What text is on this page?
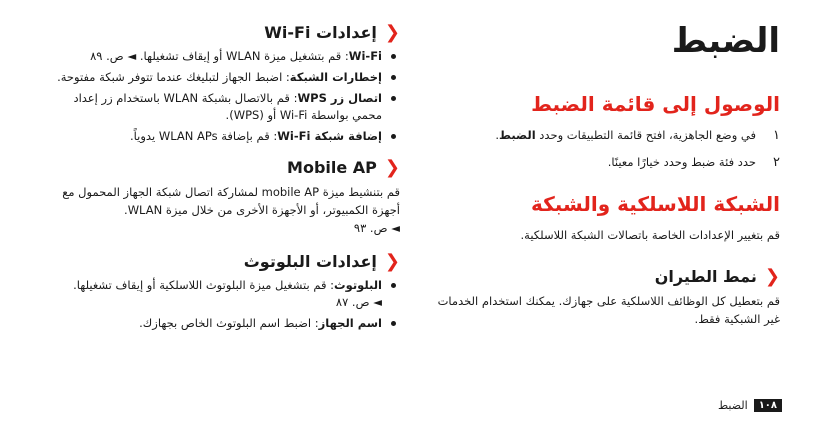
الضبط
الوصول إلى قائمة الضبط
١
في وضع الجاهزية، افتح قائمة التطبيقات وحدد الضبط.
٢
حدد فئة ضبط وحدد خيارًا معينًا.
الشبكة اللاسلكية والشبكة

قم بتغيير الإعدادات الخاصة باتصالات الشبكة اللاسلكية.

❮
نمط الطيران

قم بتعطيل كل الوظائف اللاسلكية على جهازك. يمكنك استخدام الخدمات غير الشبكية فقط.

❮
إعدادات Wi-Fi
Wi-Fi: قم بتشغيل ميزة WLAN أو إيقاف تشغيلها. ◄ ص. ٨٩
إخطارات الشبكة: اضبط الجهاز لتبليغك عندما تتوفر شبكة مفتوحة.
اتصال زر WPS: قم بالاتصال بشبكة WLAN باستخدام زر إعداد محمي بواسطة Wi-Fi أو (WPS).
إضافة شبكة Wi-Fi: قم بإضافة WLAN APs يدوياً.
❮
Mobile AP

قم بتنشيط ميزة mobile AP لمشاركة اتصال شبكة الجهاز المحمول مع أجهزة الكمبيوتر، أو الأجهزة الأخرى من خلال ميزة WLAN.
◄ ص. ٩٣

❮
إعدادات البلوتوث
البلوتوث: قم بتشغيل ميزة البلوتوث اللاسلكية أو إيقاف تشغيلها.
◄ ص. ٨٧
اسم الجهاز: اضبط اسم البلوتوث الخاص بجهازك.
١٠٨
الضبط
